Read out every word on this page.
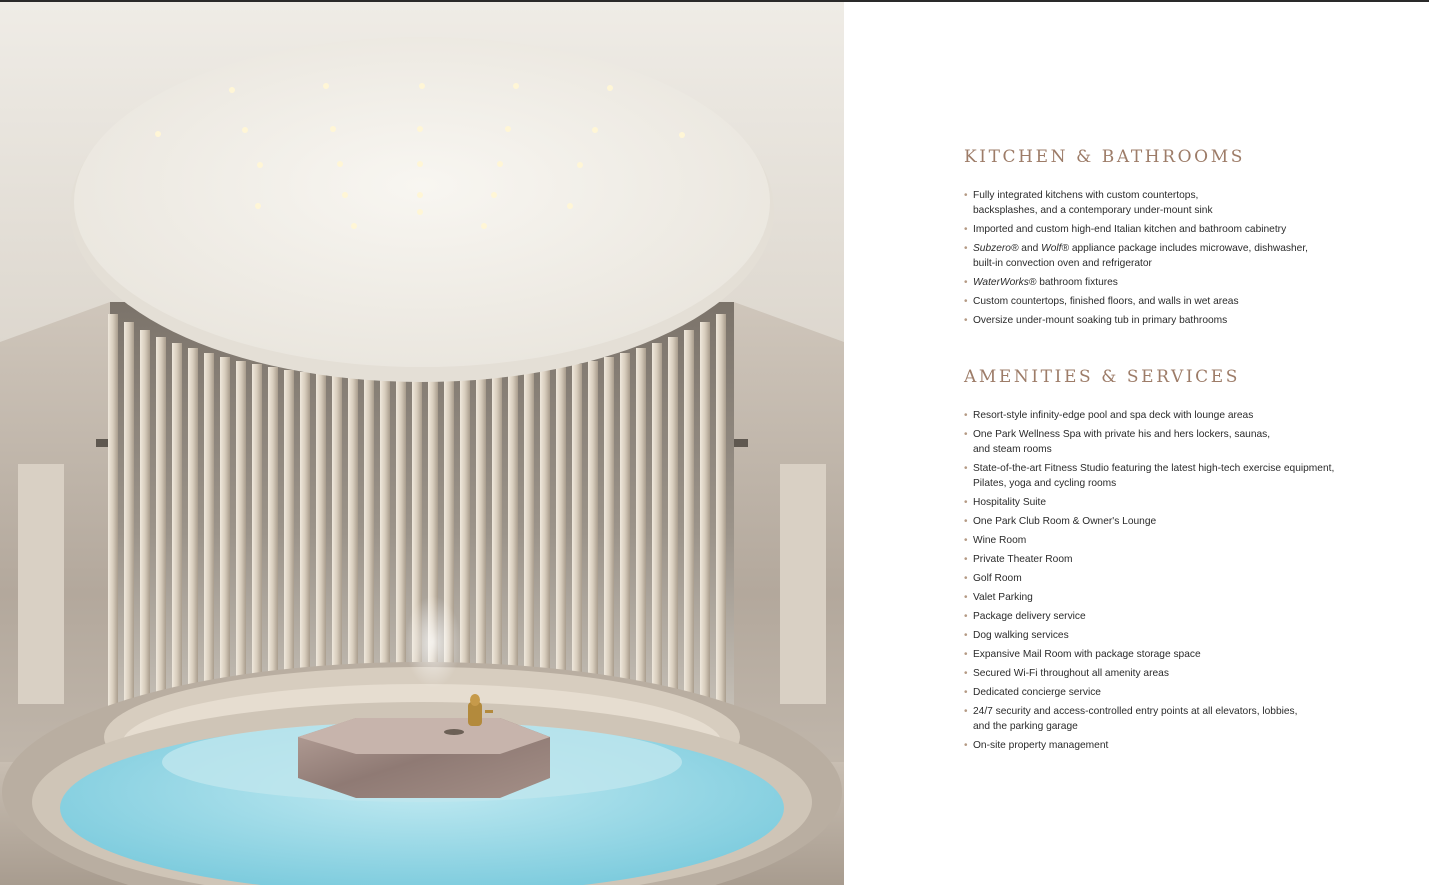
KITCHEN & BATHROOMS
• Fully integrated kitchens with custom countertops,
backsplashes, and a contemporary under-mount sink
• Imported and custom high-end Italian kitchen and bathroom cabinetry
• Subzero® and Wolf® appliance package includes microwave, dishwasher,
built-in convection oven and refrigerator
• WaterWorks® bathroom fixtures
• Custom countertops, finished floors, and walls in wet areas
• Oversize under-mount soaking tub in primary bathrooms
AMENITIES & SERVICES
• Resort-style infinity-edge pool and spa deck with lounge areas
• One Park Wellness Spa with private his and hers lockers, saunas,
and steam rooms
• State-of-the-art Fitness Studio featuring the latest high-tech exercise equipment,
Pilates, yoga and cycling rooms
• Hospitality Suite
• One Park Club Room & Owner's Lounge
• Wine Room
• Private Theater Room
• Golf Room
• Valet Parking
• Package delivery service
• Dog walking services
• Expansive Mail Room with package storage space
• Secured Wi-Fi throughout all amenity areas
• Dedicated concierge service
• 24/7 security and access-controlled entry points at all elevators, lobbies,
and the parking garage
• On-site property management
